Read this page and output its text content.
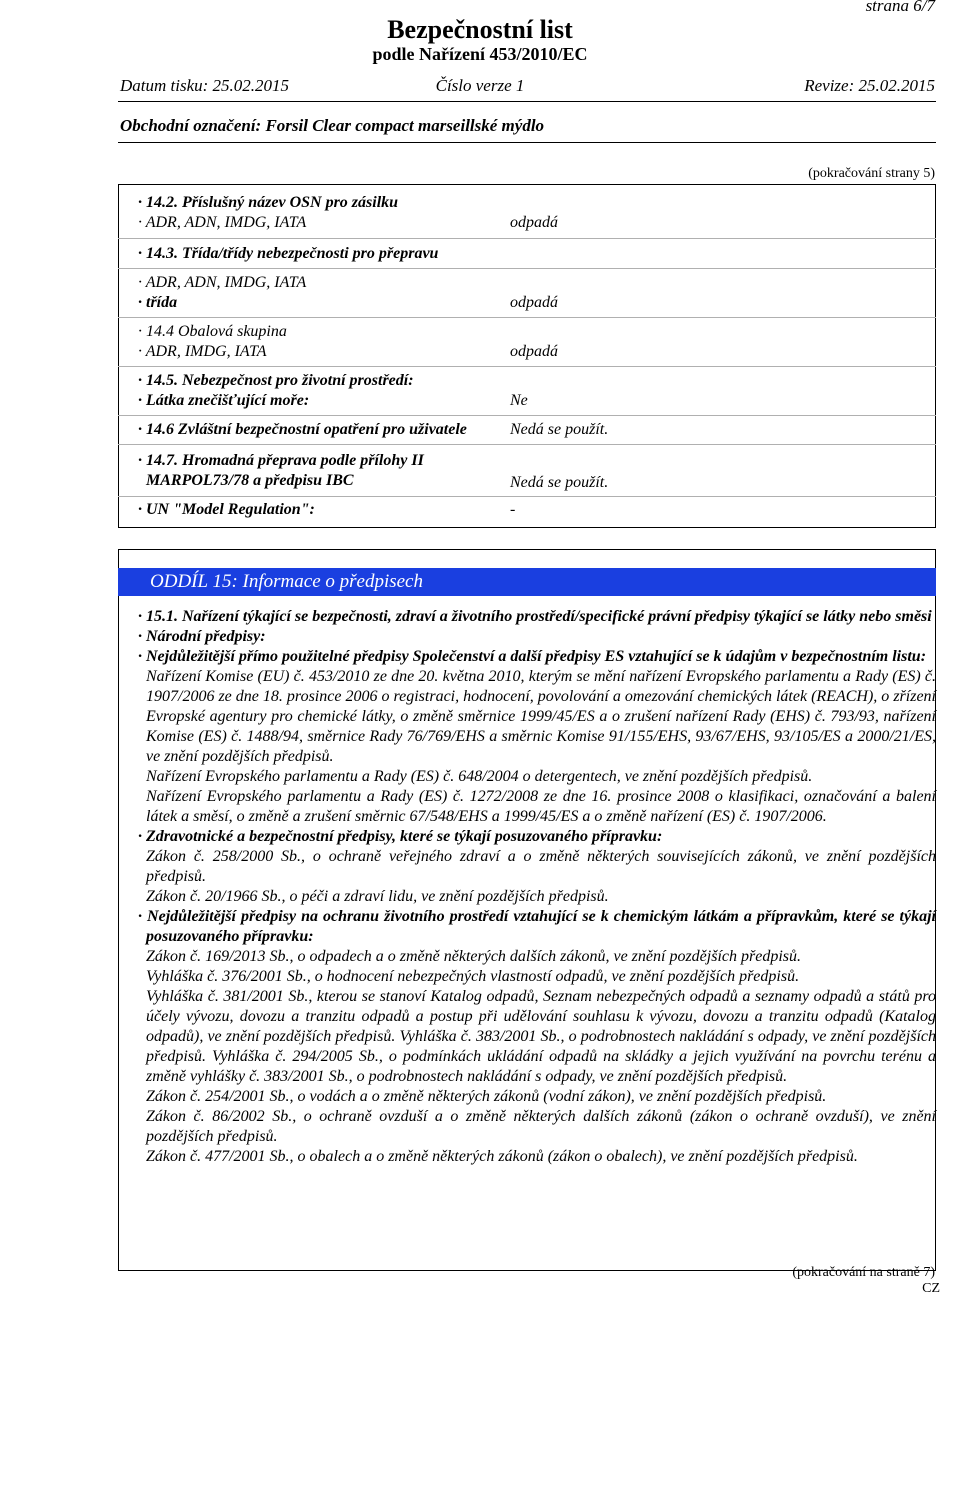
strana 6/7
Bezpečnostní list
podle Nařízení 453/2010/EC
Datum tisku: 25.02.2015	Číslo verze 1	Revize: 25.02.2015
Obchodní označení: Forsil Clear compact marseillské mýdlo
(pokračování strany 5)
· 14.2. Příslušný název OSN pro zásilku
· ADR, ADN, IMDG, IATA	odpadá
· 14.3. Třída/třídy nebezpečnosti pro přepravu
· ADR, ADN, IMDG, IATA
· třída	odpadá
· 14.4 Obalová skupina
· ADR, IMDG, IATA	odpadá
· 14.5. Nebezpečnost pro životní prostředí:
· Látka znečišťující moře:	Ne
· 14.6 Zvláštní bezpečnostní opatření pro uživatele	Nedá se použít.
· 14.7. Hromadná přeprava podle přílohy II
MARPOL73/78 a předpisu IBC	Nedá se použít.
· UN "Model Regulation":	-
ODDÍL 15: Informace o předpisech

· 15.1. Nařízení týkající se bezpečnosti, zdraví a životního prostředí/specifické právní předpisy týkající se látky nebo směsi

· Národní předpisy:

· Nejdůležitější přímo použitelné předpisy Společenství a další předpisy ES vztahující se k údajům v bezpečnostním listu:

Nařízení Komise (EU) č. 453/2010 ze dne 20. května 2010, kterým se mění nařízení Evropského parlamentu a Rady (ES) č. 1907/2006 ze dne 18. prosince 2006 o registraci, hodnocení, povolování a omezování chemických látek (REACH), o zřízení Evropské agentury pro chemické látky, o změně směrnice 1999/45/ES a o zrušení nařízení Rady (EHS) č. 793/93, nařízení Komise (ES) č. 1488/94, směrnice Rady 76/769/EHS a směrnic Komise 91/155/EHS, 93/67/EHS, 93/105/ES a 2000/21/ES, ve znění pozdějších předpisů.

Nařízení Evropského parlamentu a Rady (ES) č. 648/2004 o detergentech, ve znění pozdějších předpisů.

Nařízení Evropského parlamentu a Rady (ES) č. 1272/2008 ze dne 16. prosince 2008 o klasifikaci, označování a balení látek a směsí, o změně a zrušení směrnic 67/548/EHS a 1999/45/ES a o změně nařízení (ES) č. 1907/2006.

· Zdravotnické a bezpečnostní předpisy, které se týkají posuzovaného přípravku:

Zákon č. 258/2000 Sb., o ochraně veřejného zdraví a o změně některých souvisejících zákonů, ve znění pozdějších předpisů.

Zákon č. 20/1966 Sb., o péči a zdraví lidu, ve znění pozdějších předpisů.

· Nejdůležitější předpisy na ochranu životního prostředí vztahující se k chemickým látkám a přípravkům, které se týkají posuzovaného přípravku:

Zákon č. 169/2013 Sb., o odpadech a o změně některých dalších zákonů, ve znění pozdějších předpisů.

Vyhláška č. 376/2001 Sb., o hodnocení nebezpečných vlastností odpadů, ve znění pozdějších předpisů.

Vyhláška č. 381/2001 Sb., kterou se stanoví Katalog odpadů, Seznam nebezpečných odpadů a seznamy odpadů a států pro účely vývozu, dovozu a tranzitu odpadů a postup při udělování souhlasu k vývozu, dovozu a tranzitu odpadů (Katalog odpadů), ve znění pozdějších předpisů. Vyhláška č. 383/2001 Sb., o podrobnostech nakládání s odpady, ve znění pozdějších předpisů. Vyhláška č. 294/2005 Sb., o podmínkách ukládání odpadů na skládky a jejich využívání na povrchu terénu a změně vyhlášky č. 383/2001 Sb., o podrobnostech nakládání s odpady, ve znění pozdějších předpisů.

Zákon č. 254/2001 Sb., o vodách a o změně některých zákonů (vodní zákon), ve znění pozdějších předpisů.

Zákon č. 86/2002 Sb., o ochraně ovzduší a o změně některých dalších zákonů (zákon o ochraně ovzduší), ve znění pozdějších předpisů.

Zákon č. 477/2001 Sb., o obalech a o změně některých zákonů (zákon o obalech), ve znění pozdějších předpisů.

(pokračování na straně 7)
CZ
